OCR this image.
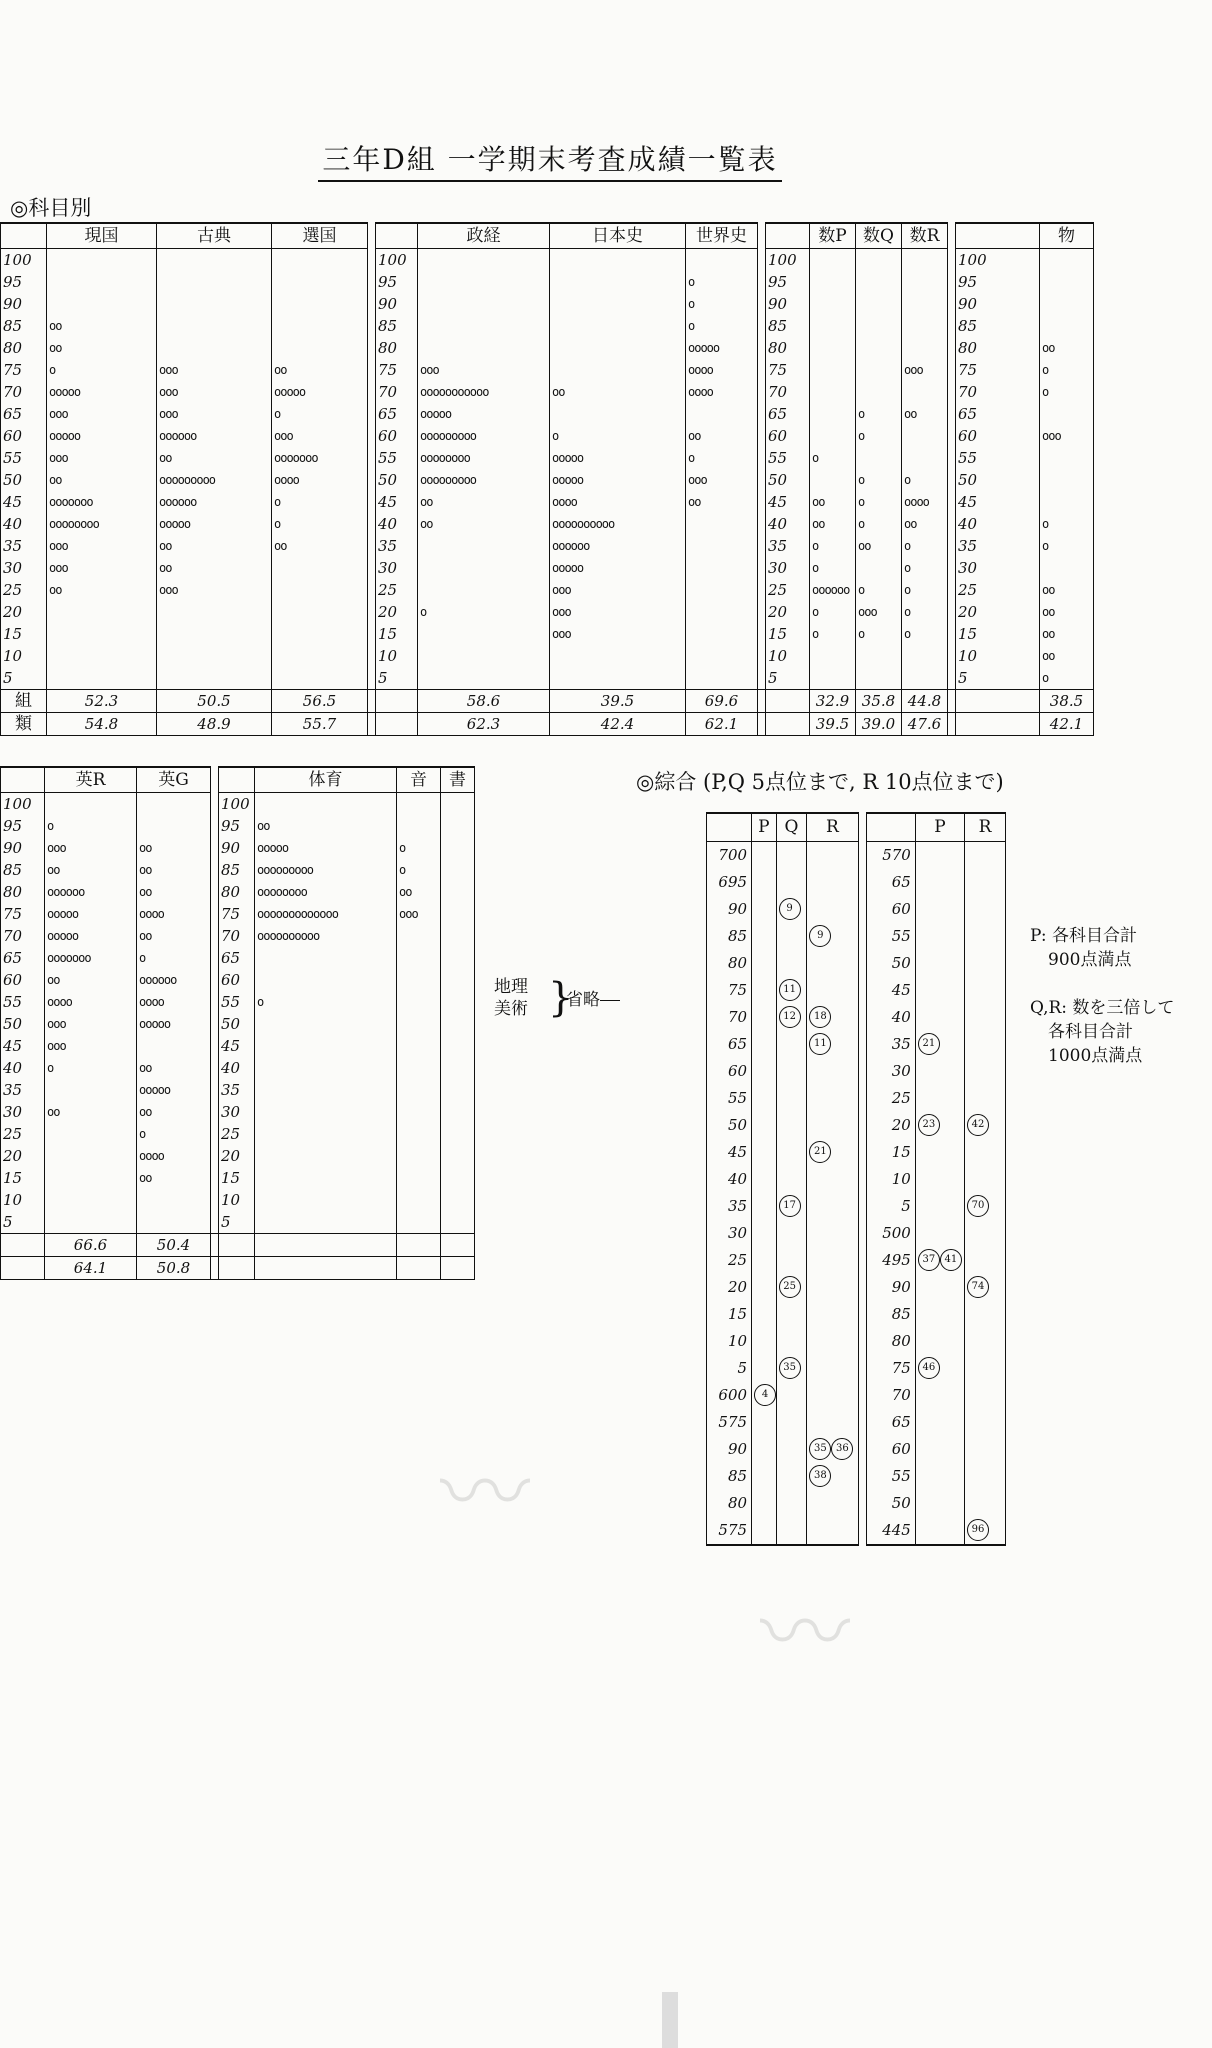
三年D組 一学期末考査成績一覧表
◎科目別
	現国	古典	選国			政経	日本史	世界史			数P	数Q	数R			物	
100					100					100					100		
95					95			o		95					95		
90					90			o		90					90		
85	oo				85			o		85					85		
80	oo				80			ooooo		80					80	oo	
75	o	ooo	oo		75	ooo		oooo		75			ooo		75	o	
70	ooooo	ooo	ooooo		70	ooooooooooo	oo	oooo		70					70	o	
65	ooo	ooo	o		65	ooooo				65		o	oo		65		
60	ooooo	oooooo	ooo		60	ooooooooo	o	oo		60		o			60	ooo	
55	ooo	oo	ooooooo		55	oooooooo	ooooo	o		55	o				55		
50	oo	ooooooooo	oooo		50	ooooooooo	ooooo	ooo		50		o	o		50		
45	ooooooo	oooooo	o		45	oo	oooo	oo		45	oo	o	oooo		45		
40	oooooooo	ooooo	o		40	oo	oooooooooo			40	oo	o	oo		40	o	
35	ooo	oo	oo		35		oooooo			35	o	oo	o		35	o	
30	ooo	oo			30		ooooo			30	o		o		30		
25	oo	ooo			25		ooo			25	oooooo	o	o		25	oo	
20					20	o	ooo			20	o	ooo	o		20	oo	
15					15		ooo			15	o	o	o		15	oo	
10					10					10					10	oo	
5					5					5					5	o	
組	52.3	50.5	56.5			58.6	39.5	69.6			32.9	35.8	44.8			38.5	
類	54.8	48.9	55.7			62.3	42.4	62.1			39.5	39.0	47.6			42.1	
◎綜合 (P,Q 5点位まで, R 10点位まで)
	英R	英G			体育	音	書
100				100			
95	o			95	oo		
90	ooo	oo		90	ooooo	o	
85	oo	oo		85	ooooooooo	o	
80	oooooo	oo		80	oooooooo	oo	
75	ooooo	oooo		75	ooooooooooooo	ooo	
70	ooooo	oo		70	oooooooooo		
65	ooooooo	o		65			
60	oo	oooooo		60			
55	oooo	oooo		55	o		
50	ooo	ooooo		50			
45	ooo			45			
40	o	oo		40			
35		ooooo		35			
30	oo	oo		30			
25		o		25			
20		oooo		20			
15		oo		15			
10				10			
5				5			
	66.6	50.4					
	64.1	50.8					
地理
美術 }
省略
	P	Q	R			P	R
700					570		
695					65		
90		9			60		
85			9		55		
80					50		
75		11			45		
70		12	18		40		
65			11		35	21	
60					30		
55					25		
50					20	23	42
45			21		15		
40					10		
35		17			5		70
30					500		
25					495	37 41	
20		25			90		74
15					85		
10					80		
5		35			75	46	
600	4				70		
575					65		
90			35 36		60		
85			38		55		
80					50		
575					445		96
P: 各科目合計
900点満点
Q,R: 数を三倍して
各科目合計
1000点満点
〰
〰
